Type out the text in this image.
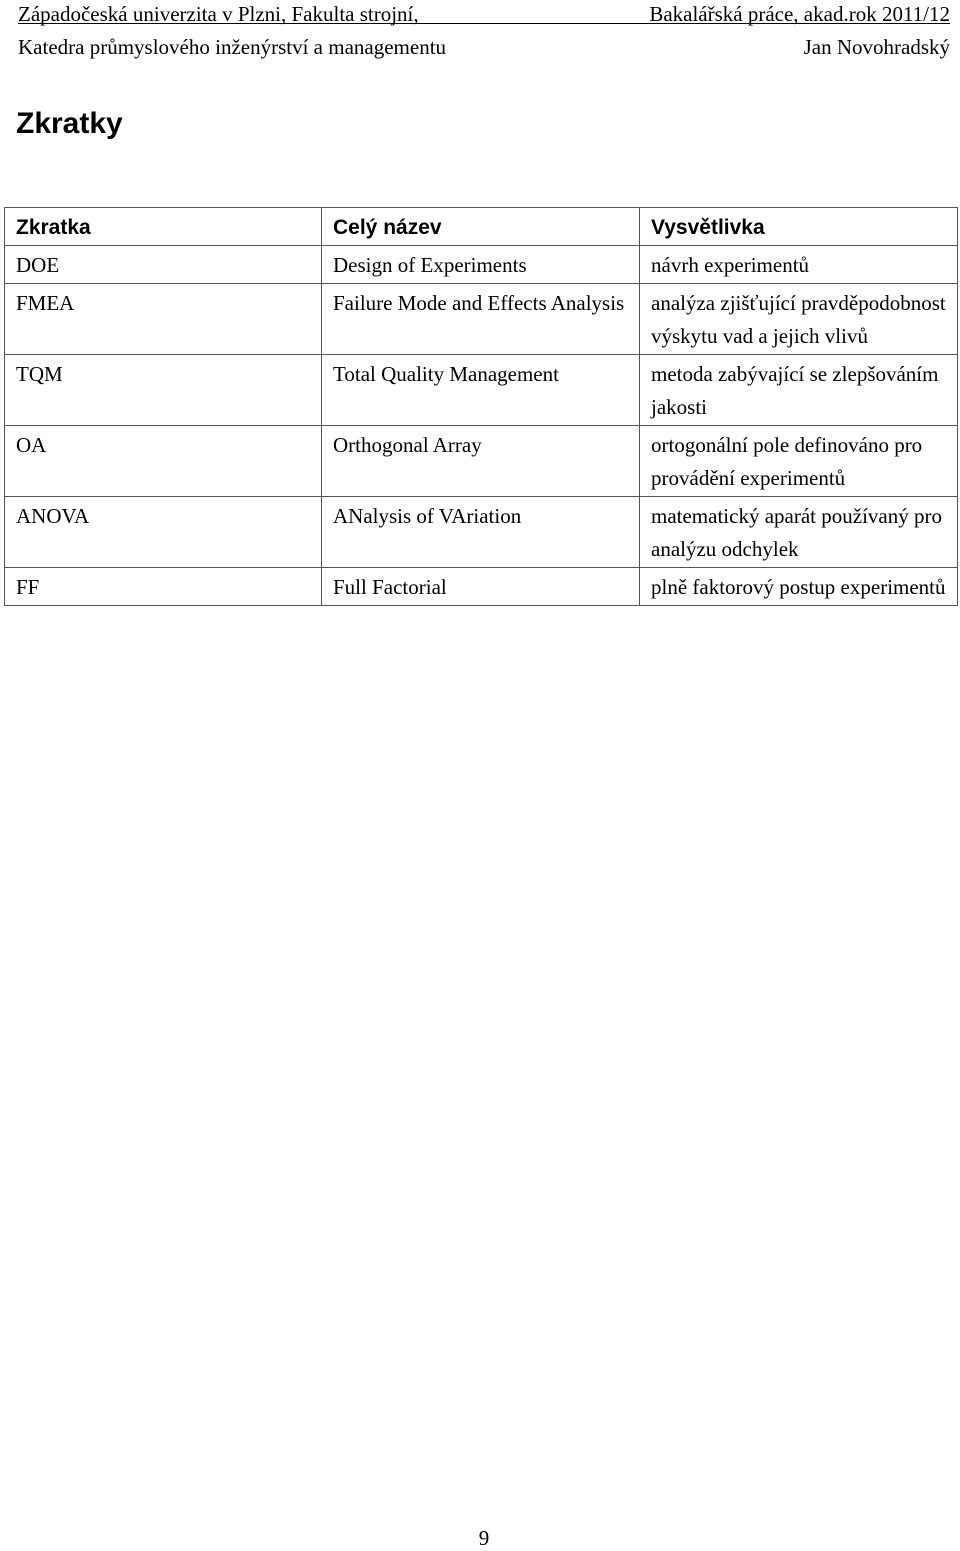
Západočeská univerzita v Plzni, Fakulta strojní,	Bakalářská práce, akad.rok 2011/12
Katedra průmyslového inženýrství a managementu	Jan Novohradský
Zkratky
Zkratka	Celý název	Vysvětlivka
DOE	Design of Experiments	návrh experimentů
FMEA	Failure Mode and Effects Analysis	analýza zjišťující pravděpodobnost výskytu vad a jejich vlivů
TQM	Total Quality Management	metoda zabývající se zlepšováním jakosti
OA	Orthogonal Array	ortogonální pole definováno pro provádění experimentů
ANOVA	ANalysis of VAriation	matematický aparát používaný pro analýzu odchylek
FF	Full Factorial	plně faktorový postup experimentů
9
